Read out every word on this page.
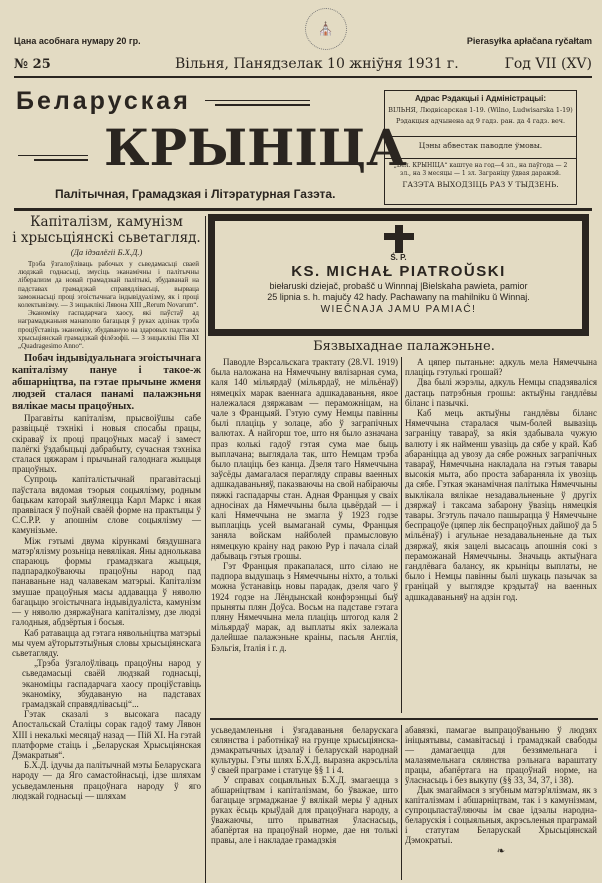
Цана асобнага нумару 20 гр.	Pierasyłka apłačana ryčałtam
⛪
№ 25	Вільня, Панядзелак 10 жніўня 1931 г.	Год VII (XV)
Беларуская
КРЫНІЦА
Палітычная, Грамадзкая і Літэратурная Газэта.
Адрас Рэдакцыі і Адміністрацыі:
ВІЛЬНЯ, Людвісарская 1-19. (Wilno, Ludwisarska 1-19)
Рэдакцыя адчынена ад 9 гадз. ран. да 4 гадз. веч.
Цэны абвестак паводле ўмовы.
„Бел. КРЫНІЦА“ каштуе на год—4 зл., на паўгода — 2 зл., на 3 месяцы — 1 зл. Заграніцу ўдвая даражэй.
ГАЗЭТА ВЫХОДЗІЦЬ РАЗ У ТЫДЗЕНЬ.
Капіталізм, камунізм
і хрысьціянскі сьветагляд.
(Да ідэалёгіі Б.Х.Д.)

Трэба ўзгалоўліваць рабочых у сьведамасьці сваей людзкай годнасьці, змусіць эканамічны і палітычны ліберализм да новай грамадзкай палітыкі, збудаванай на падставах грамадзкай справядлівасьці, вырваца заможнасьці проці эгоістычнага індывідуалізму, як і проці колектывізму. — З энцыклікі Лявона XIII „Rerum Novarum“.

Эканоміку гаспадарчага хаосу, які паўстаў ад награмаджаньня манаполю багацьця ў руках адзінак трэба проціўставіць эканоміку, збудаваную на здаровых падставах хрысьціянскай грамадзкай філёзофіі. — З энцыклікі Пія XI „Quadragesimo Anno“.

Побач індывідуальнага эгоістычнага капіталізму пануе і такое-ж абшарніцтва, па гэтае прычыне жменя людзей сталася панамі палажэньня вялікае масы працоўных.

Прагавіты капіталізм, прысвоіўшы сабе развіцьцё тэхнікі і новыя спосабы працы, скіраваў іх проці працоўных масаў і замест палёгкі ўздабыцьці дабрабыту, сучасная тэхніка сталася цяжарам і прычынай галоднага жыцьця працоўных.

Супроць капіталістычнай прагавітасьці паўстала вядомая тэорыя соцыялізму, родным бацькам каторай зьяўляецца Карл Маркс і якая праявілася ў поўнай сваёй форме на практыцы ў С.С.Р.Р. у апошнім слове соцыялізму —камунізьме.

Між гэтымі двума кірункамі бяздушнага матэр'ялізму розьніца невялікая. Яны аднолькава спараюць формы грамадзкага жыцьця, падпарадкоўваючы працоўны народ пад панаваньне над чалавекам матэрыі. Капіталізм змушае працоўныя масы аддавацца ў няволю багацьцю эгоістычнага індывідуаліста, камунізм — у няволю дзяржаўнага капіталізму, дзе людзі галодныя, абдзёртыя і босыя.

Каб ратавацца ад гэтага нявольніцтва матэрыі мы чуем аўторытэтыўныя словы хрысьціянскага сьветагляду.

„Трэба ўзгалоўліваць працоўны народ у сьведамасьці сваёй людзкай годнасьці, эканоміцы гаспадарчага хаосу проціўставіць эканоміку, збудаваную на падставах грамадзкай справядлівасьці“...

Гэтак сказалі з высокага пасаду Апостальскай Сталіцы сорак гадоў таму Лявон XIII і некалькі месяцаў назад — Пій XI. На гэтай платформе стаіць і „Беларуская Хрысьціянская Дэмакратыя“.

Б.Х.Д. ідучы да палітычнай мэты Беларускага народу — да Яго самастойнасьці, ідзе шляхам усьведамленьня працоўнага народу ў яго людзкай годнасьці — шляхам

Ś. P.
KS. MICHAŁ PIATROŬSKI
biełaruski dziejač, probašč u Winnnaj |Bielskaha pawieta, pamior
25 lipnia s. h. majučy 42 hady. Pachawany na mahilniku ŭ Winnaj.
WIEČNAJA JAMU PAMIAĆ!
Бязвыхаднае палажэньне.

Паводле Вэрсальскага трактату (28.VI. 1919) была наложана на Нямеччыну вялізарная сума, каля 140 мільярдаў (мільярдаў, не мільёнаў) нямецкіх марак ваеннага адшкадаваньня, якое належалася дзяржавам — пераможніцам, на чале з Францыяй. Гэтую суму Немцы павінны былі плаціць у золаце, або ў заграпічных валютах. А найгорш тое, што ня было азначана праз колькі гадоў гэтая сума мае быць выплачана; выглядала так, што Немцам трэба было плаціць без канца. Дзеля таго Нямеччына заўсёды дамагалася перагляду справы ваенных адшкадаваньняў, паказваючы на свой набіраючы пяжкі гаспадарчы стан. Адная Францыя у сваіх адносінах да Нямеччыны была цьвёрдай — і калі Нямеччына не змагла ў 1923 годзе выплаціць усей вымаганай сумы, Францыя заняла войскам найболей прамысловую нямецкую краіну над ракою Рур і пачала сілай дабываць гэтыя грошы.

Гэт Францыя пракапалася, што сілаю не падпора выдушаць з Нямеччыны ніхто, а толькі можна ўстанавіць новы парадак, дзеля чаго ў 1924 годзе на Лёндынскай конфэрэнцыі быў прыняты плян Доўса. Восьм на падставе гэтага пляну Нямеччына мела плаціць штогод каля 2 мільярдаў марак, ад выплаты якіх залежала далейшае палажэньне краіны, пасьля Англія, Бэльгія, Італія і г. д.

А цяпер пытаньне: адкуль мела Нямеччына плаціць гэтулькі грошай?

Два былі жэрэлы, адкуль Немцы спадзяваліся дастаць патрэбныя грошы: актыўны гандлёвы біланс і пазычкі.

Каб мець актыўны гандлёвы біланс Нямеччына старалася чым-болей вывазіць заграніцу тавараў, за якія здабывала чужую валюту і як найменш увазіць да сябе у край. Каб абараніцца ад увозу да сябе рожных заграпічных тавараў, Нямеччына накладала на гэтыя тавары высокія мыта, або проста забараняла іх увозіць да сябе. Гэткая эканамічная палітыка Нямеччыны выклікала вялікае незадавальненьне ў другіх дзяржаў і таксама забарону ўвазіць нямецкія тавары. Згэтуль пачало пашырацца ў Нямеччыне беспрацоўе (цяпер лік беспрацоўных дайшоў да 5 мільёнаў) і агульнае незадавальненьне да тых дзяржаў, якія зацелі высасаць апошнія сокі з пераможанай Нямеччыны. Значыць актыўнага гандлёвага балансу, як крыніцы выплаты, не было і Немцы павінны былі шукаць пазычак за граніцай у выглядзе крэдытаў на ваенных адшкадаваньняў на адзін год.

усьведамленьня і ўзгадаваньня беларускага сялянства і работнікаў на грунце хрысьціянска-дэмакратычных ідэалаў і беларускай народнай культуры. Гэты шлях Б.Х.Д. выразна акрэсьліла ў сваей праграме і статуце §§ 1 і 4.

У справах соцыяльных Б.Х.Д. змагаецца з абшарніцтвам і капіталізмам, бо ўважае, што багацьце згрмаджанае ў вялікай меры ў адных руках ёсьць крыўдай для працоўнага народу, а ўважаючы, што прыватная ўласнасьць, абапёртая на працоўнай норме, дае ня толькі правы, але і накладае грамадзкія

абавязкі, памагае выпрацоўваньню ў людзях ініцыятывы, самавітасьці і грамадзкай свабоды — дамагаецца для беззямельнага і малазямельнага сялянства рэльнага вараштату працы, абапёртага на працоўнай норме, на ўласнасьць і без выкупу (§§ 33, 34, 37, і 38).

Дык змагаймася з згубным матэр'ялізмам, як з капіталізмам і абшарніцтвам, так і з камунізмам, супроцьпастаўляючы ім свае ідэалы народна-беларускія і соцыяльныя, акрэсьленыя праграмай і статутам Беларускай Хрысьціянскай Дэмократыі.

❧
